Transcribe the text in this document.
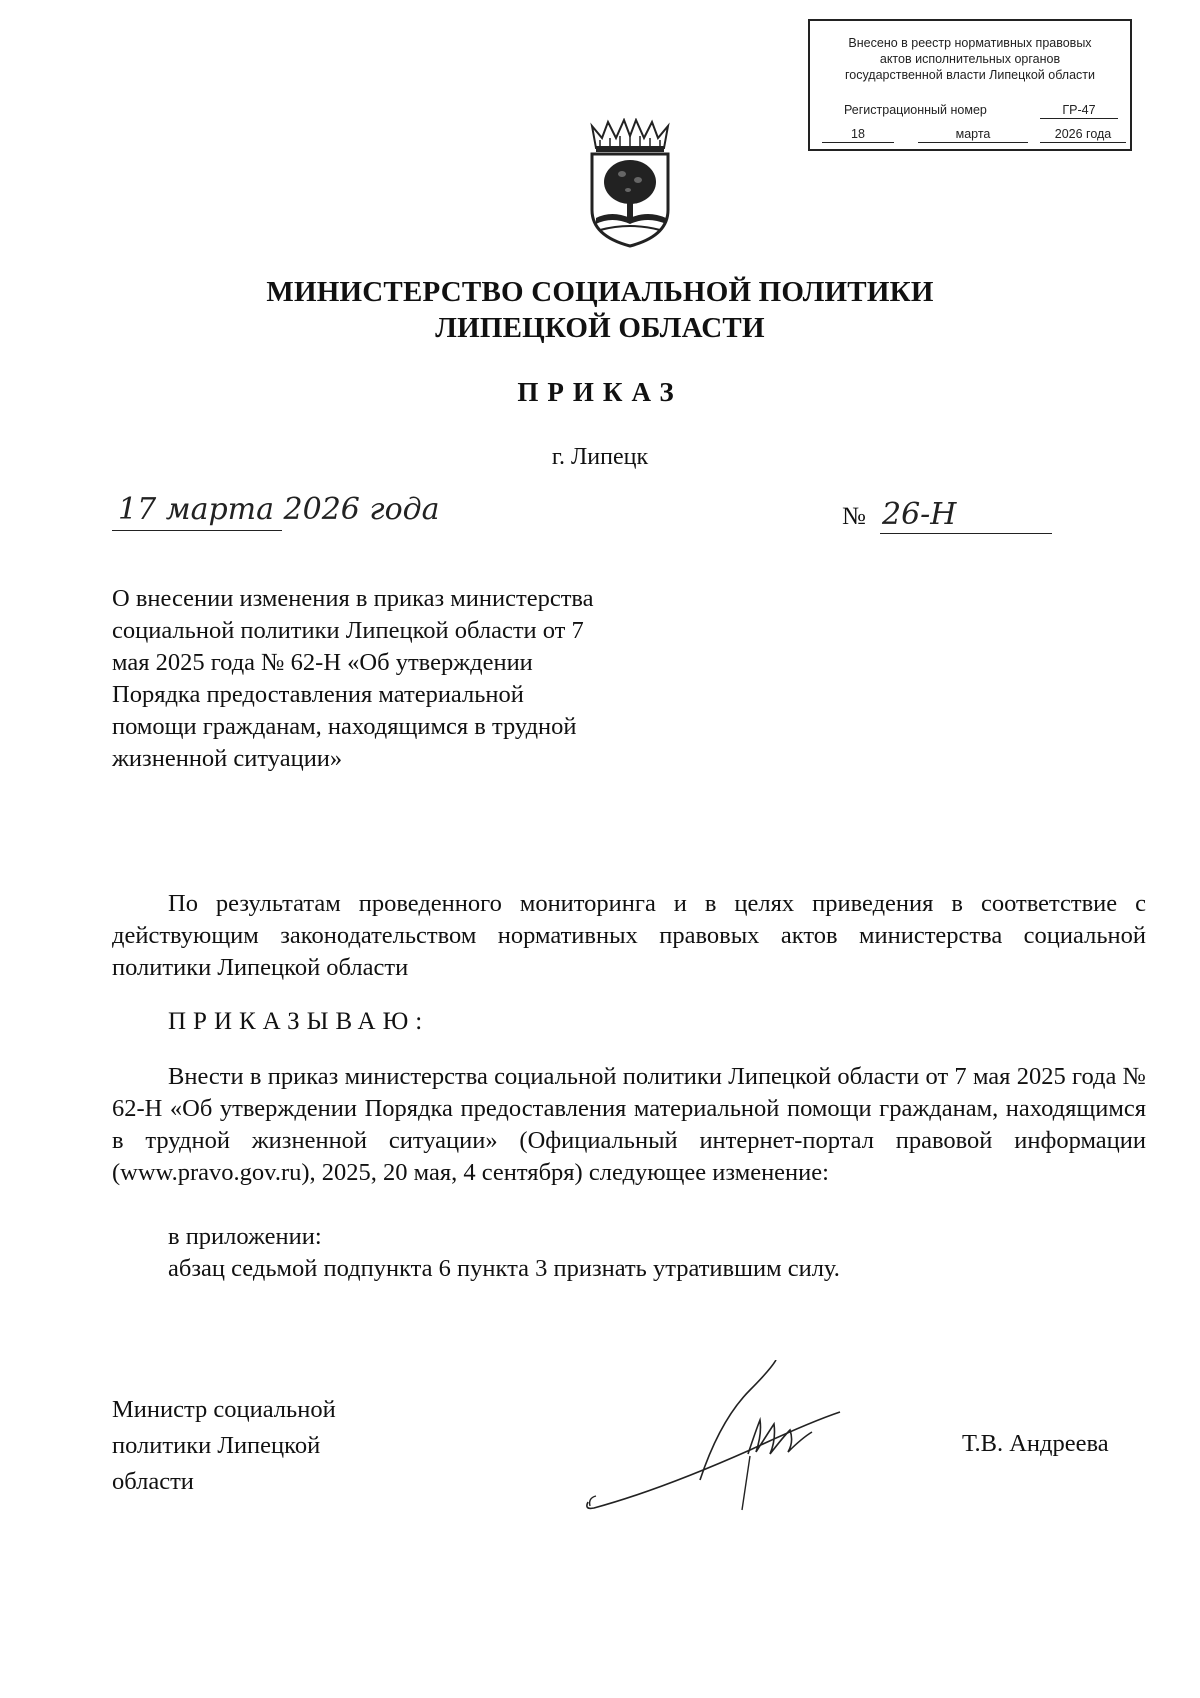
Внесено в реестр нормативных правовых
актов исполнительных органов
государственной власти Липецкой области
Регистрационный номер	ГР-47
18	марта	2026 года
МИНИСТЕРСТВО СОЦИАЛЬНОЙ ПОЛИТИКИ
ЛИПЕЦКОЙ ОБЛАСТИ
ПРИКАЗ
г. Липецк
17 марта 2026 года	№ 26-Н
О внесении изменения в приказ министерства социальной политики Липецкой области от 7 мая 2025 года № 62-Н «Об утверждении Порядка предоставления материальной помощи гражданам, находящимся в трудной жизненной ситуации»
По результатам проведенного мониторинга и в целях приведения в соответствие с действующим законодательством нормативных правовых актов министерства социальной политики Липецкой области
ПРИКАЗЫВАЮ:
Внести в приказ министерства социальной политики Липецкой области от 7 мая 2025 года № 62-Н «Об утверждении Порядка предоставления материальной помощи гражданам, находящимся в трудной жизненной ситуации» (Официальный интернет-портал правовой информации (www.pravo.gov.ru), 2025, 20 мая, 4 сентября) следующее изменение:
в приложении:
абзац седьмой подпункта 6 пункта 3 признать утратившим силу.
Министр социальной
политики Липецкой
области
Т.В. Андреева
